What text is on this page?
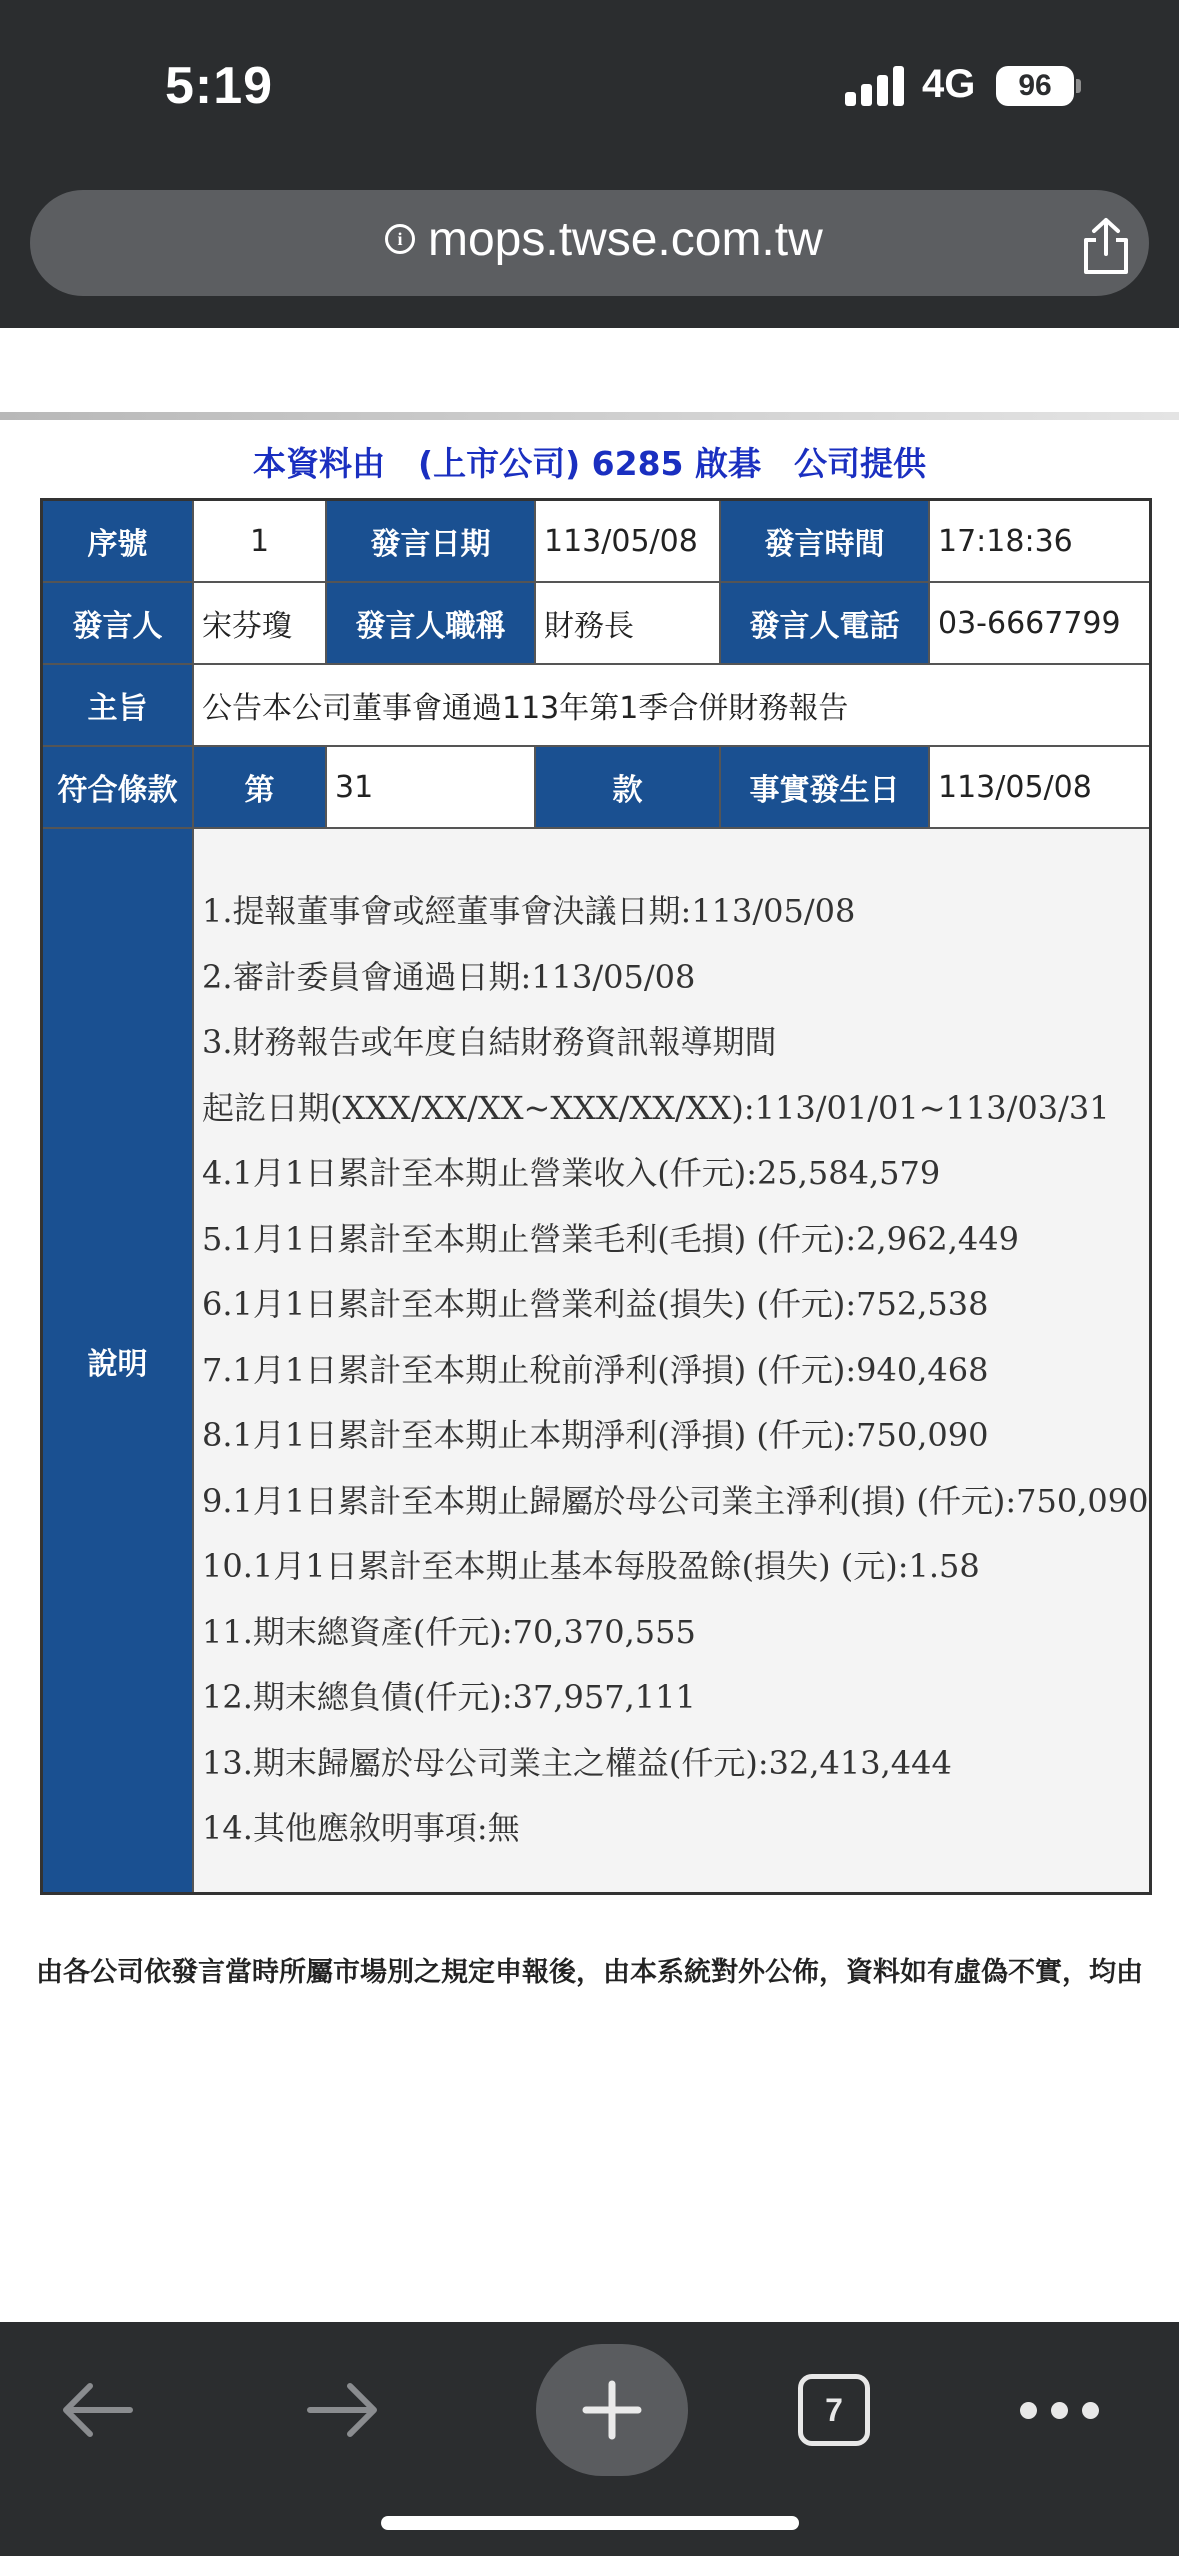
5:19	4G	96
i mops.twse.com.tw
本資料由　(上市公司) 6285 啟碁　公司提供
序號	1	發言日期	113/05/08	發言時間	17:18:36
發言人	宋芬瓊	發言人職稱	財務長	發言人電話	03-6667799
主旨	公告本公司董事會通過113年第1季合併財務報告
符合條款	第	31	款	事實發生日	113/05/08
說明
1.提報董事會或經董事會決議日期:113/05/08
2.審計委員會通過日期:113/05/08
3.財務報告或年度自結財務資訊報導期間
起訖日期(XXX/XX/XX~XXX/XX/XX):113/01/01~113/03/31
4.1月1日累計至本期止營業收入(仟元):25,584,579
5.1月1日累計至本期止營業毛利(毛損) (仟元):2,962,449
6.1月1日累計至本期止營業利益(損失) (仟元):752,538
7.1月1日累計至本期止稅前淨利(淨損) (仟元):940,468
8.1月1日累計至本期止本期淨利(淨損) (仟元):750,090
9.1月1日累計至本期止歸屬於母公司業主淨利(損) (仟元):750,090
10.1月1日累計至本期止基本每股盈餘(損失) (元):1.58
11.期末總資產(仟元):70,370,555
12.期末總負債(仟元):37,957,111
13.期末歸屬於母公司業主之權益(仟元):32,413,444
14.其他應敘明事項:無
由各公司依發言當時所屬市場別之規定申報後，由本系統對外公佈，資料如有虛偽不實，均由
7
